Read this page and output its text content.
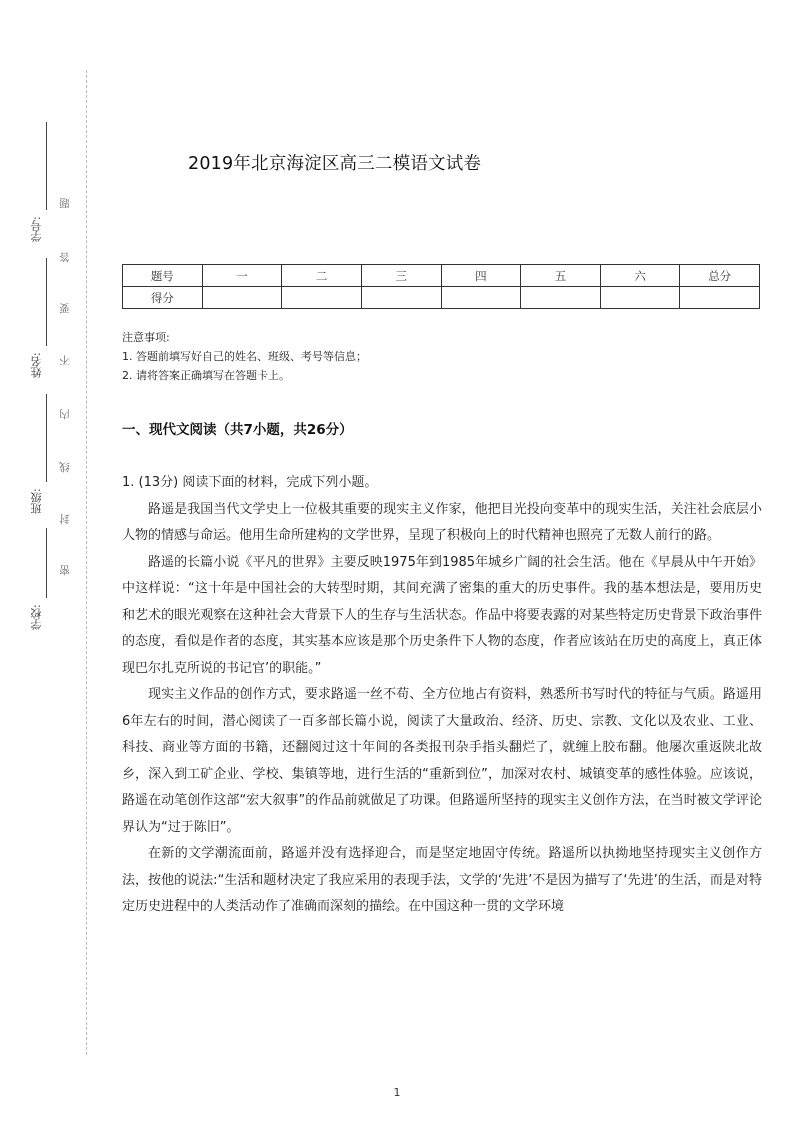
学号:
姓名:
班级:
学校:
题
答
要
不
内
线
封
密
2019年北京海淀区高三二模语文试卷
题号	一	二	三	四	五	六	总分
得分							
注意事项:
1. 答题前填写好自己的姓名、班级、考号等信息；
2. 请将答案正确填写在答题卡上。
一、现代文阅读（共7小题，共26分）

1. (13分) 阅读下面的材料，完成下列小题。

路遥是我国当代文学史上一位极其重要的现实主义作家，他把目光投向变革中的现实生活，关注社会底层小人物的情感与命运。他用生命所建构的文学世界，呈现了积极向上的时代精神也照亮了无数人前行的路。

路遥的长篇小说《平凡的世界》主要反映1975年到1985年城乡广阔的社会生活。他在《早晨从中午开始》中这样说：“这十年是中国社会的大转型时期，其间充满了密集的重大的历史事件。我的基本想法是，要用历史和艺术的眼光观察在这种社会大背景下人的生存与生活状态。作品中将要表露的对某些特定历史背景下政治事件的态度，看似是作者的态度，其实基本应该是那个历史条件下人物的态度，作者应该站在历史的高度上，真正体现巴尔扎克所说的书记官’的职能。”

现实主义作品的创作方式，要求路遥一丝不苟、全方位地占有资料，熟悉所书写时代的特征与气质。路遥用6年左右的时间，潜心阅读了一百多部长篇小说，阅读了大量政治、经济、历史、宗教、文化以及农业、工业、科技、商业等方面的书籍，还翻阅过这十年间的各类报刊杂手指头翻烂了，就缠上胶布翻。他屡次重返陕北故乡，深入到工矿企业、学校、集镇等地，进行生活的“重新到位”，加深对农村、城镇变革的感性体验。应该说，路遥在动笔创作这部“宏大叙事”的作品前就做足了功课。但路遥所坚持的现实主义创作方法，在当时被文学评论界认为“过于陈旧”。

在新的文学潮流面前，路遥并没有选择迎合，而是坚定地固守传统。路遥所以执拗地坚持现实主义创作方法，按他的说法:“生活和题材决定了我应采用的表现手法，文学的‘先进’不是因为描写了‘先进’的生活，而是对特定历史进程中的人类活动作了准确而深刻的描绘。在中国这种一贯的文学环境

1
